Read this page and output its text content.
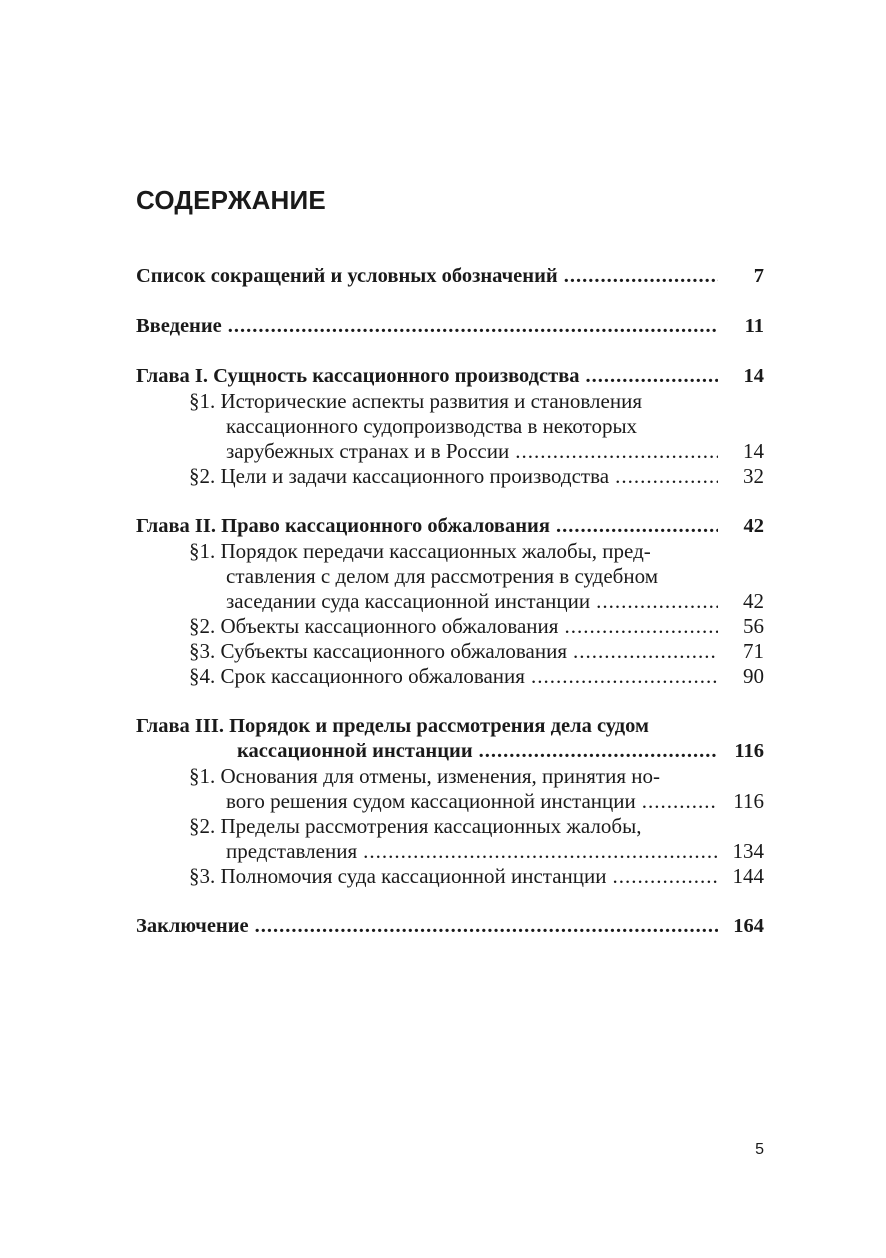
СОДЕРЖАНИЕ
Список сокращений и условных обозначений .....	7
Введение .....	11
Глава I. Сущность кассационного производства .....	14
§1. Исторические аспекты развития и становления
кассационного судопроизводства в некоторых
зарубежных странах и в России .....	14
§2. Цели и задачи кассационного производства .....	32
Глава II. Право кассационного обжалования .....	42
§1. Порядок передачи кассационных жалобы, пред-
ставления с делом для рассмотрения в судебном
заседании суда кассационной инстанции .....	42
§2. Объекты кассационного обжалования .....	56
§3. Субъекты кассационного обжалования .....	71
§4. Срок кассационного обжалования .....	90
Глава III. Порядок и пределы рассмотрения дела судом
кассационной инстанции .....	116
§1. Основания для отмены, изменения, принятия но-
вого решения судом кассационной инстанции .....	116
§2. Пределы рассмотрения кассационных жалобы,
представления .....	134
§3. Полномочия суда кассационной инстанции .....	144
Заключение .....	164
5
